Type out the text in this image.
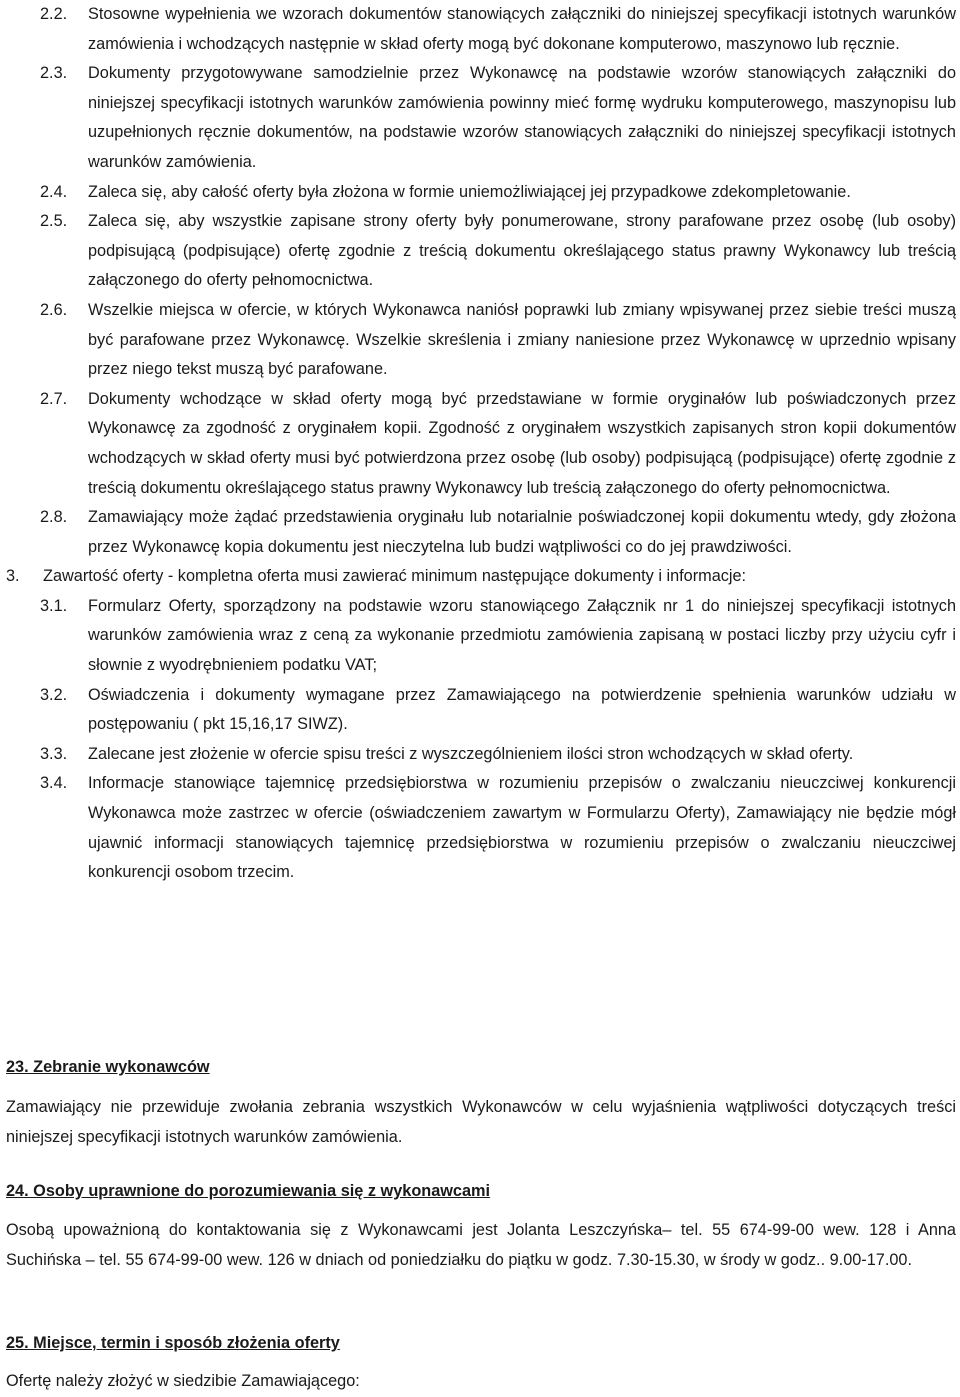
2.2. Stosowne wypełnienia we wzorach dokumentów stanowiących załączniki do niniejszej specyfikacji istotnych warunków zamówienia i wchodzących następnie w skład oferty mogą być dokonane komputerowo, maszynowo lub ręcznie.
2.3. Dokumenty przygotowywane samodzielnie przez Wykonawcę na podstawie wzorów stanowiących załączniki do niniejszej specyfikacji istotnych warunków zamówienia powinny mieć formę wydruku komputerowego, maszynopisu lub uzupełnionych ręcznie dokumentów, na podstawie wzorów stanowiących załączniki do niniejszej specyfikacji istotnych warunków zamówienia.
2.4. Zaleca się, aby całość oferty była złożona w formie uniemożliwiającej jej przypadkowe zdekompletowanie.
2.5. Zaleca się, aby wszystkie zapisane strony oferty były ponumerowane, strony parafowane przez osobę (lub osoby) podpisującą (podpisujące) ofertę zgodnie z treścią dokumentu określającego status prawny Wykonawcy lub treścią załączonego do oferty pełnomocnictwa.
2.6. Wszelkie miejsca w ofercie, w których Wykonawca naniósł poprawki lub zmiany wpisywanej przez siebie treści muszą być parafowane przez Wykonawcę. Wszelkie skreślenia i zmiany naniesione przez Wykonawcę w uprzednio wpisany przez niego tekst muszą być parafowane.
2.7. Dokumenty wchodzące w skład oferty mogą być przedstawiane w formie oryginałów lub poświadczonych przez Wykonawcę za zgodność z oryginałem kopii. Zgodność z oryginałem wszystkich zapisanych stron kopii dokumentów wchodzących w skład oferty musi być potwierdzona przez osobę (lub osoby) podpisującą (podpisujące) ofertę zgodnie z treścią dokumentu określającego status prawny Wykonawcy lub treścią załączonego do oferty pełnomocnictwa.
2.8. Zamawiający może żądać przedstawienia oryginału lub notarialnie poświadczonej kopii dokumentu wtedy, gdy złożona przez Wykonawcę kopia dokumentu jest nieczytelna lub budzi wątpliwości co do jej prawdziwości.
3. Zawartość oferty - kompletna oferta musi zawierać minimum następujące dokumenty i informacje:
3.1. Formularz Oferty, sporządzony na podstawie wzoru stanowiącego Załącznik nr 1 do niniejszej specyfikacji istotnych warunków zamówienia wraz z ceną za wykonanie przedmiotu zamówienia zapisaną w postaci liczby przy użyciu cyfr i słownie z wyodrębnieniem podatku VAT;
3.2. Oświadczenia i dokumenty wymagane przez Zamawiającego na potwierdzenie spełnienia warunków udziału w postępowaniu ( pkt 15,16,17 SIWZ).
3.3. Zalecane jest złożenie w ofercie spisu treści z wyszczególnieniem ilości stron wchodzących w skład oferty.
3.4. Informacje stanowiące tajemnicę przedsiębiorstwa w rozumieniu przepisów o zwalczaniu nieuczciwej konkurencji Wykonawca może zastrzec w ofercie (oświadczeniem zawartym w Formularzu Oferty), Zamawiający nie będzie mógł ujawnić informacji stanowiących tajemnicę przedsiębiorstwa w rozumieniu przepisów o zwalczaniu nieuczciwej konkurencji osobom trzecim.
23. Zebranie wykonawców
Zamawiający nie przewiduje zwołania zebrania wszystkich Wykonawców w celu wyjaśnienia wątpliwości dotyczących treści niniejszej specyfikacji istotnych warunków zamówienia.
24. Osoby uprawnione do porozumiewania się z wykonawcami
Osobą upoważnioną do kontaktowania się z Wykonawcami jest Jolanta Leszczyńska– tel. 55 674-99-00 wew. 128 i Anna Suchińska – tel. 55 674-99-00 wew. 126 w dniach od poniedziałku do piątku w godz. 7.30-15.30, w środy w godz.. 9.00-17.00.
25. Miejsce, termin i sposób złożenia oferty
Ofertę należy złożyć w siedzibie Zamawiającego:
